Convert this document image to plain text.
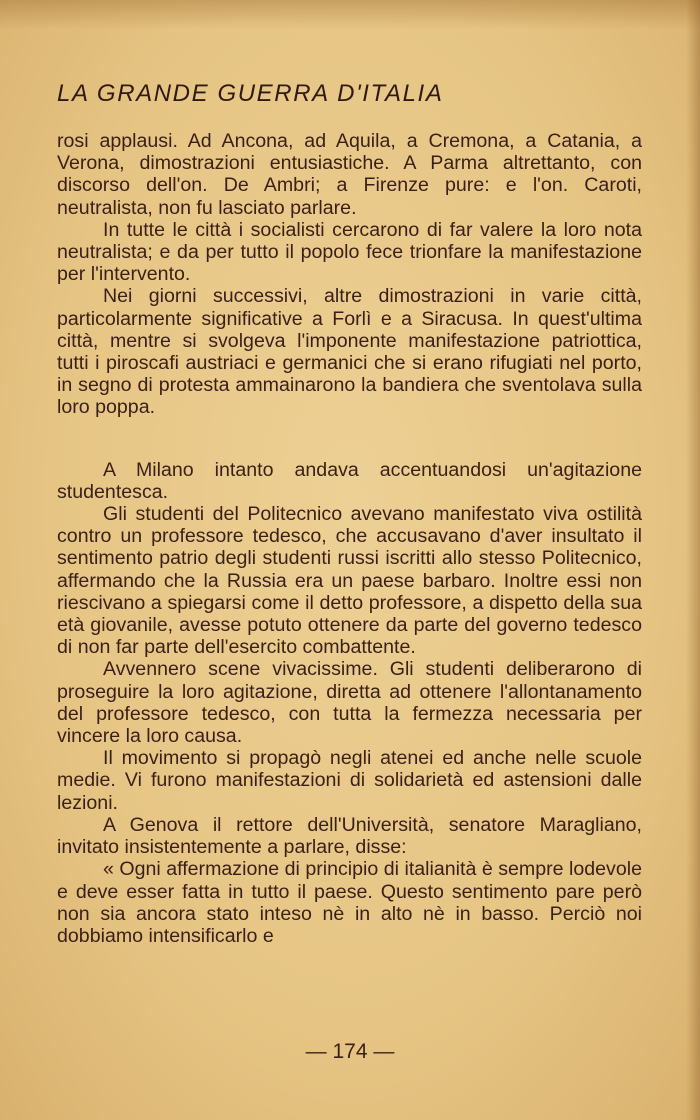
LA GRANDE GUERRA D'ITALIA

rosi applausi. Ad Ancona, ad Aquila, a Cremona, a Catania, a Verona, dimostrazioni entusiastiche. A Parma altrettanto, con discorso dell'on. De Ambri; a Firenze pure: e l'on. Caroti, neutralista, non fu lasciato parlare.

In tutte le città i socialisti cercarono di far valere la loro nota neutralista; e da per tutto il popolo fece trionfare la manifestazione per l'intervento.

Nei giorni successivi, altre dimostrazioni in varie città, particolarmente significative a Forlì e a Siracusa. In quest'ultima città, mentre si svolgeva l'imponente manifestazione patriottica, tutti i piroscafi austriaci e germanici che si erano rifugiati nel porto, in segno di protesta ammainarono la bandiera che sventolava sulla loro poppa.

A Milano intanto andava accentuandosi un'agitazione studentesca.

Gli studenti del Politecnico avevano manifestato viva ostilità contro un professore tedesco, che accusavano d'aver insultato il sentimento patrio degli studenti russi iscritti allo stesso Politecnico, affermando che la Russia era un paese barbaro. Inoltre essi non riescivano a spiegarsi come il detto professore, a dispetto della sua età giovanile, avesse potuto ottenere da parte del governo tedesco di non far parte dell'esercito combattente.

Avvennero scene vivacissime. Gli studenti deliberarono di proseguire la loro agitazione, diretta ad ottenere l'allontanamento del professore tedesco, con tutta la fermezza necessaria per vincere la loro causa.

Il movimento si propagò negli atenei ed anche nelle scuole medie. Vi furono manifestazioni di solidarietà ed astensioni dalle lezioni.

A Genova il rettore dell'Università, senatore Maragliano, invitato insistentemente a parlare, disse:

« Ogni affermazione di principio di italianità è sempre lodevole e deve esser fatta in tutto il paese. Questo sentimento pare però non sia ancora stato inteso nè in alto nè in basso. Perciò noi dobbiamo intensificarlo e

— 174 —
